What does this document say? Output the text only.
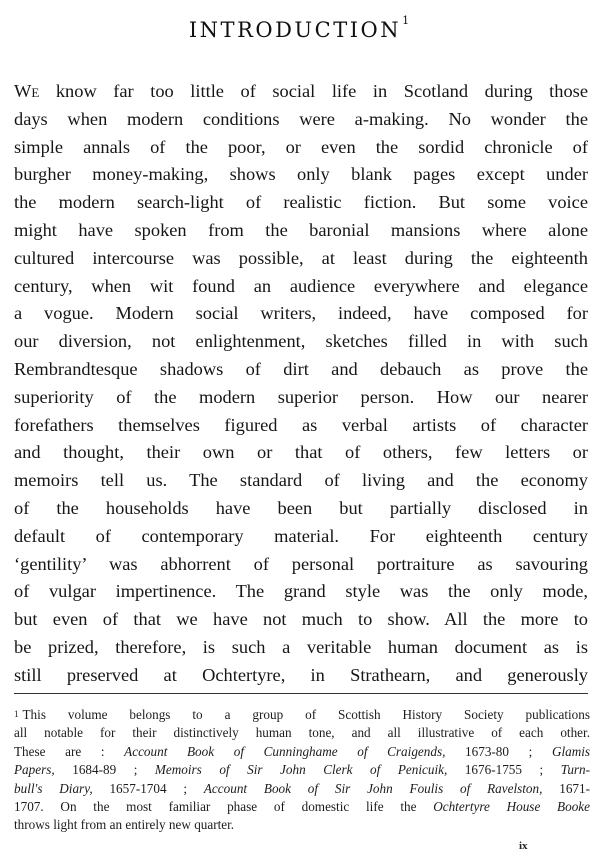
INTRODUCTION$^1$
We know far too little of social life in Scotland during those
days when modern conditions were a-making. No wonder the
simple annals of the poor, or even the sordid chronicle of
burgher money-making, shows only blank pages except under
the modern search-light of realistic fiction. But some voice
might have spoken from the baronial mansions where alone
cultured intercourse was possible, at least during the eighteenth
century, when wit found an audience everywhere and elegance
a vogue. Modern social writers, indeed, have composed for
our diversion, not enlightenment, sketches filled in with such
Rembrandtesque shadows of dirt and debauch as prove the
superiority of the modern superior person. How our nearer
forefathers themselves figured as verbal artists of character
and thought, their own or that of others, few letters or
memoirs tell us. The standard of living and the economy
of the households have been but partially disclosed in
default of contemporary material. For eighteenth century
‘gentility’ was abhorrent of personal portraiture as savouring
of vulgar impertinence. The grand style was the only mode,
but even of that we have not much to show. All the more to
be prized, therefore, is such a veritable human document as is
still preserved at Ochtertyre, in Strathearn, and generously
$^1$ This volume belongs to a group of Scottish History Society publications
all notable for their distinctively human tone, and all illustrative of each other.
These are : Account Book of Cunninghame of Craigends, 1673-80 ; Glamis
Papers, 1684-89 ; Memoirs of Sir John Clerk of Penicuik, 1676-1755 ; Turn-
bull's Diary, 1657-1704 ; Account Book of Sir John Foulis of Ravelston, 1671-
1707. On the most familiar phase of domestic life the Ochtertyre House Booke
throws light from an entirely new quarter.
ix
